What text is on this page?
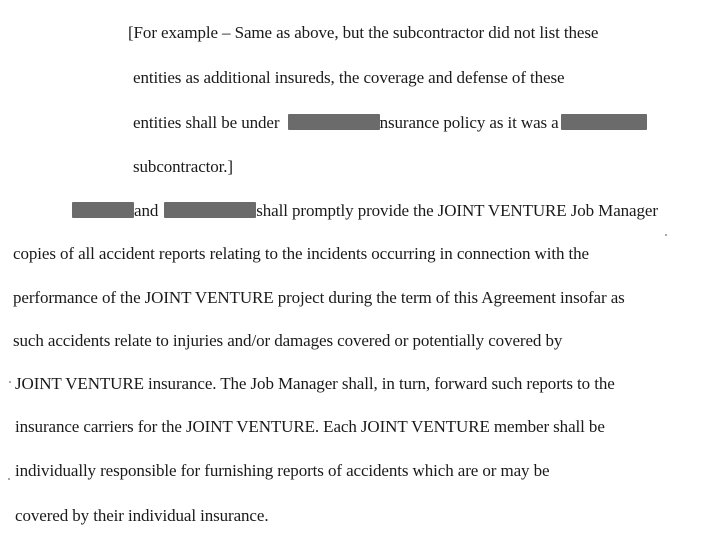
[For example – Same as above, but the subcontractor did not list these
entities as additional insureds, the coverage and defense of these
entities shall be under	nsurance policy as it was a
subcontractor.]
and	shall promptly provide the JOINT VENTURE Job Manager
copies of all accident reports relating to the incidents occurring in connection with the
performance of the JOINT VENTURE project during the term of this Agreement insofar as
such accidents relate to injuries and/or damages covered or potentially covered by
JOINT VENTURE insurance. The Job Manager shall, in turn, forward such reports to the
insurance carriers for the JOINT VENTURE. Each JOINT VENTURE member shall be
individually responsible for furnishing reports of accidents which are or may be
covered by their individual insurance.
